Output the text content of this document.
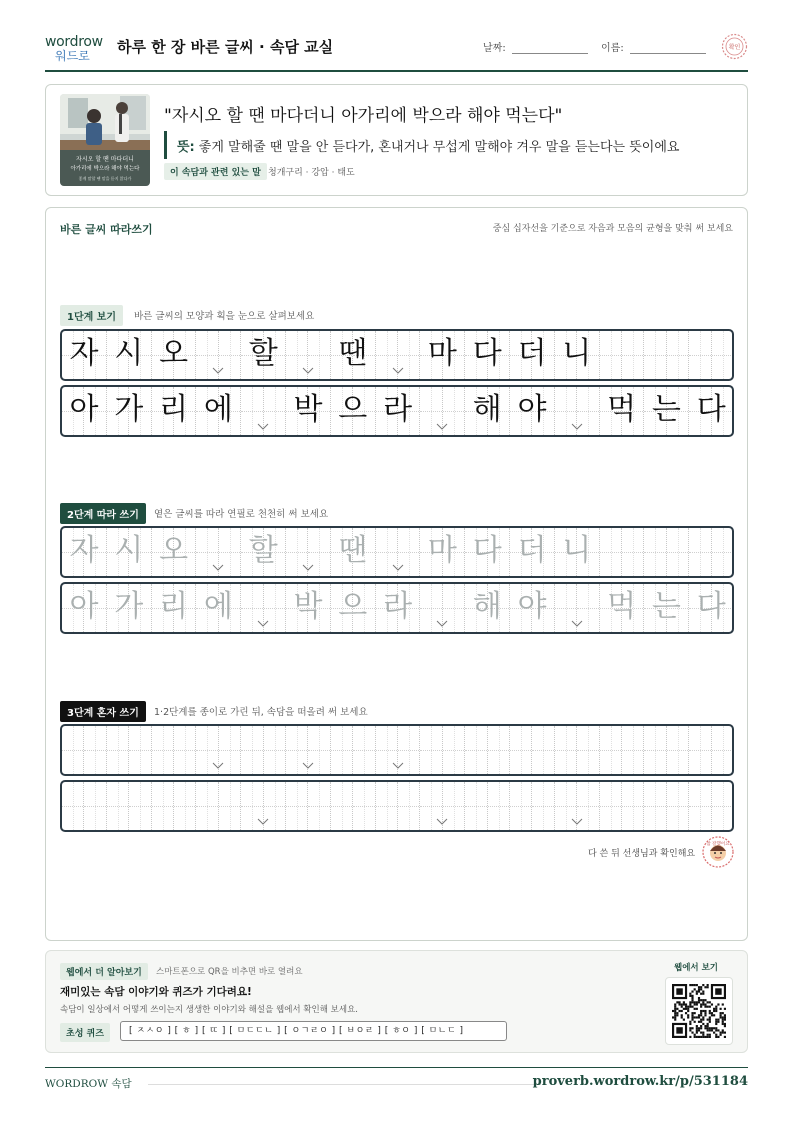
wordrow
워드로 하루 한 장 바른 글씨 · 속담 교실	날짜:	이름:	확인
자시오 할 땐 마다더니
아가리에 박으라 해야 먹는다
좋게 말할 땐 말을 듣지 않다가
"자시오 할 땐 마다더니 아가리에 박으라 해야 먹는다"
뜻: 좋게 말해줄 땐 말을 안 듣다가, 혼내거나 무섭게 말해야 겨우 말을 듣는다는 뜻이에요
이 속담과 관련 있는 말 청개구리 · 강압 · 태도
바른 글씨 따라쓰기	중심 십자선을 기준으로 자음과 모음의 균형을 맞춰 써 보세요
1단계 보기	바른 글씨의 모양과 획을 눈으로 살펴보세요
2단계 따라 쓰기	옅은 글씨를 따라 연필로 천천히 써 보세요
3단계 혼자 쓰기	1·2단계를 종이로 가린 뒤, 속담을 떠올려 써 보세요
자 시 오 할 땐 마 다 더 니
아 가 리 에 박 으 라 해 야 먹 는 다
자 시 오 할 땐 마 다 더 니
아 가 리 에 박 으 라 해 야 먹 는 다
다 쓴 뒤 선생님과 확인해요
참 잘했어요
웹에서 더 알아보기	스마트폰으로 QR을 비추면 바로 열려요
재미있는 속담 이야기와 퀴즈가 기다려요!
속담이 일상에서 어떻게 쓰이는지 생생한 이야기와 해설을 웹에서 확인해 보세요.
초성 퀴즈	[ ㅈㅅㅇ ] [ ㅎ ] [ ㄸ ] [ ㅁㄷㄷㄴ ] [ ㅇㄱㄹㅇ ] [ ㅂㅇㄹ ] [ ㅎㅇ ] [ ㅁㄴㄷ ]
웹에서 보기
WORDROW 속담	proverb.wordrow.kr/p/531184
